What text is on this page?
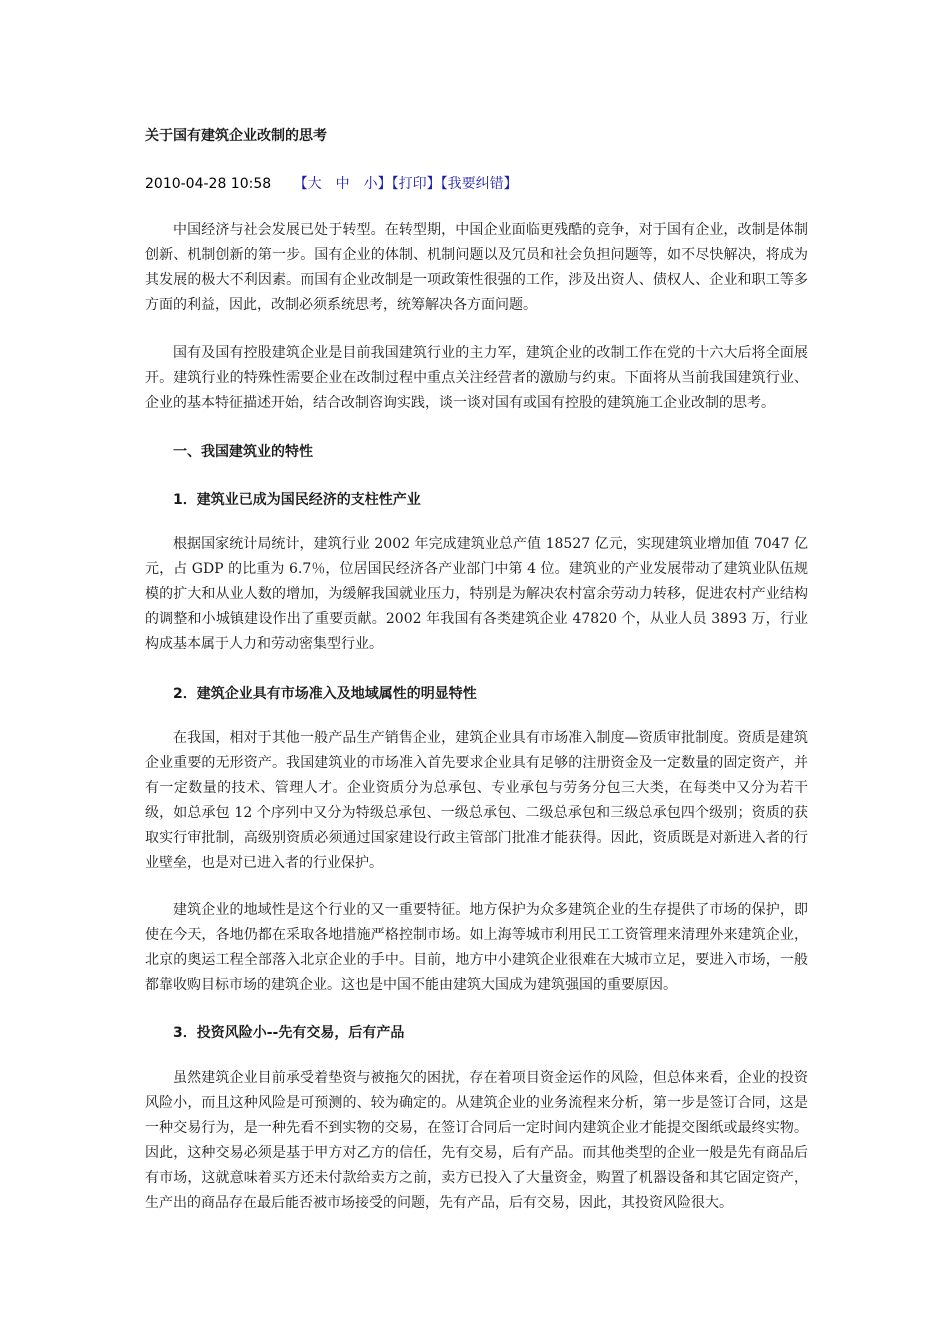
关于国有建筑企业改制的思考
2010-04-28 10:58 【大　中　小】【打印】【我要纠错】
中国经济与社会发展已处于转型。在转型期，中国企业面临更残酷的竞争，对于国有企业，改制是体制创新、机制创新的第一步。国有企业的体制、机制问题以及冗员和社会负担问题等，如不尽快解决，将成为其发展的极大不利因素。而国有企业改制是一项政策性很强的工作，涉及出资人、债权人、企业和职工等多方面的利益，因此，改制必须系统思考，统筹解决各方面问题。
国有及国有控股建筑企业是目前我国建筑行业的主力军，建筑企业的改制工作在党的十六大后将全面展开。建筑行业的特殊性需要企业在改制过程中重点关注经营者的激励与约束。下面将从当前我国建筑行业、企业的基本特征描述开始，结合改制咨询实践，谈一谈对国有或国有控股的建筑施工企业改制的思考。
一、我国建筑业的特性
1．建筑业已成为国民经济的支柱性产业
根据国家统计局统计，建筑行业 2002 年完成建筑业总产值 18527 亿元，实现建筑业增加值 7047 亿元，占 GDP 的比重为 6.7％，位居国民经济各产业部门中第 4 位。建筑业的产业发展带动了建筑业队伍规模的扩大和从业人数的增加，为缓解我国就业压力，特别是为解决农村富余劳动力转移，促进农村产业结构的调整和小城镇建设作出了重要贡献。2002 年我国有各类建筑企业 47820 个，从业人员 3893 万，行业构成基本属于人力和劳动密集型行业。
2．建筑企业具有市场准入及地域属性的明显特性
在我国，相对于其他一般产品生产销售企业，建筑企业具有市场准入制度—资质审批制度。资质是建筑企业重要的无形资产。我国建筑业的市场准入首先要求企业具有足够的注册资金及一定数量的固定资产，并有一定数量的技术、管理人才。企业资质分为总承包、专业承包与劳务分包三大类，在每类中又分为若干级，如总承包 12 个序列中又分为特级总承包、一级总承包、二级总承包和三级总承包四个级别；资质的获取实行审批制，高级别资质必须通过国家建设行政主管部门批准才能获得。因此，资质既是对新进入者的行业壁垒，也是对已进入者的行业保护。
建筑企业的地域性是这个行业的又一重要特征。地方保护为众多建筑企业的生存提供了市场的保护，即使在今天，各地仍都在采取各地措施严格控制市场。如上海等城市利用民工工资管理来清理外来建筑企业，北京的奥运工程全部落入北京企业的手中。目前，地方中小建筑企业很难在大城市立足，要进入市场，一般都靠收购目标市场的建筑企业。这也是中国不能由建筑大国成为建筑强国的重要原因。
3．投资风险小--先有交易，后有产品
虽然建筑企业目前承受着垫资与被拖欠的困扰，存在着项目资金运作的风险，但总体来看，企业的投资风险小，而且这种风险是可预测的、较为确定的。从建筑企业的业务流程来分析，第一步是签订合同，这是一种交易行为，是一种先看不到实物的交易，在签订合同后一定时间内建筑企业才能提交图纸或最终实物。因此，这种交易必须是基于甲方对乙方的信任，先有交易，后有产品。而其他类型的企业一般是先有商品后有市场，这就意味着买方还未付款给卖方之前，卖方已投入了大量资金，购置了机器设备和其它固定资产，生产出的商品存在最后能否被市场接受的问题，先有产品，后有交易，因此，其投资风险很大。
